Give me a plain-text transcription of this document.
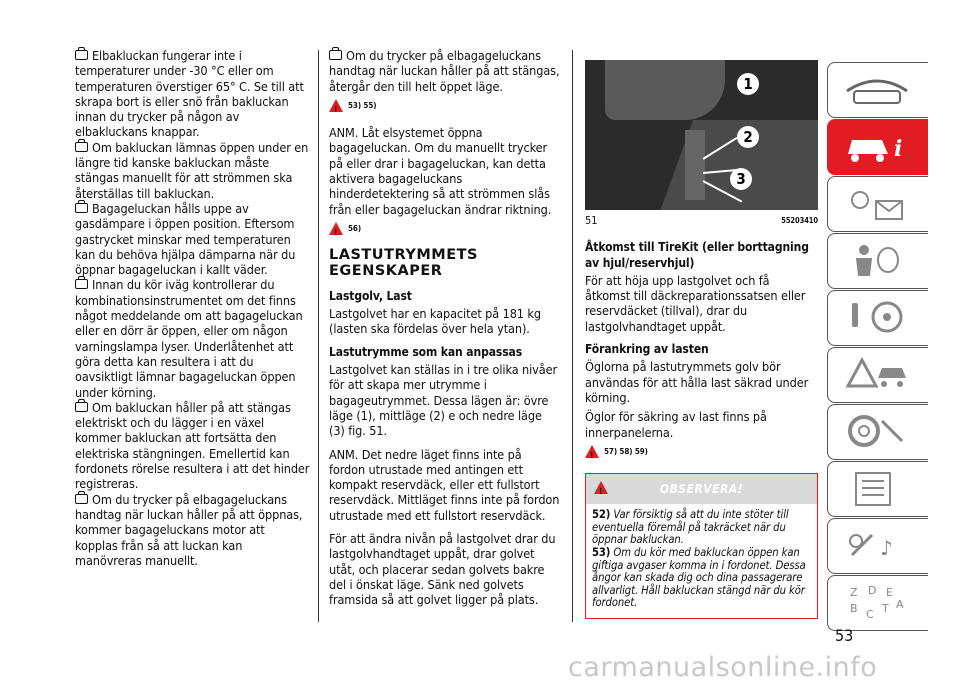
Elbakluckan fungerar inte i temperaturer under -30 °C eller om temperaturen överstiger 65° C. Se till att skrapa bort is eller snö från bakluckan innan du trycker på någon av elbakluckans knappar.

Om bakluckan lämnas öppen under en längre tid kanske bakluckan måste stängas manuellt för att strömmen ska återställas till bakluckan.

Bagageluckan hålls uppe av gasdämpare i öppen position. Eftersom gastrycket minskar med temperaturen kan du behöva hjälpa dämparna när du öppnar bagageluckan i kallt väder.

Innan du kör iväg kontrollerar du kombinationsinstrumentet om det finns något meddelande om att bagageluckan eller en dörr är öppen, eller om någon varningslampa lyser. Underlåtenhet att göra detta kan resultera i att du oavsiktligt lämnar bagageluckan öppen under körning.

Om bakluckan håller på att stängas elektriskt och du lägger i en växel kommer bakluckan att fortsätta den elektriska stängningen. Emellertid kan fordonets rörelse resultera i att det hinder registreras.

Om du trycker på elbagageluckans handtag när luckan håller på att öppnas, kommer bagageluckans motor att kopplas från så att luckan kan manövreras manuellt.

Om du trycker på elbagageluckans handtag när luckan håller på att stängas, återgår den till helt öppet läge.

! 53) 55)

ANM. Låt elsystemet öppna bagageluckan. Om du manuellt trycker på eller drar i bagageluckan, kan detta aktivera bagageluckans hinderdetektering så att strömmen slås från eller bagageluckan ändrar riktning.

! 56)
LASTUTRYMMETS EGENSKAPER
Lastgolv, Last

Lastgolvet har en kapacitet på 181 kg (lasten ska fördelas över hela ytan).

Lastutrymme som kan anpassas

Lastgolvet kan ställas in i tre olika nivåer för att skapa mer utrymme i bagageutrymmet. Dessa lägen är: övre läge (1), mittläge (2) e och nedre läge (3) fig. 51.

ANM. Det nedre läget finns inte på fordon utrustade med antingen ett kompakt reservdäck, eller ett fullstort reservdäck. Mittläget finns inte på fordon utrustade med ett fullstort reservdäck.

För att ändra nivån på lastgolvet drar du lastgolvhandtaget uppåt, drar golvet utåt, och placerar sedan golvets bakre del i önskat läge. Sänk ned golvets framsida så att golvet ligger på plats.

1
2
3
51	55203410
Åtkomst till TireKit (eller borttagning av hjul/reservhjul)

För att höja upp lastgolvet och få åtkomst till däckreparationssatsen eller reservdäcket (tillval), drar du lastgolvhandtaget uppåt.

Förankring av lasten

Öglorna på lastutrymmets golv bör användas för att hålla last säkrad under körning.

Öglor för säkring av last finns på innerpanelerna.

! 57) 58) 59)
!	OBSERVERA!

52) Var försiktig så att du inte stöter till eventuella föremål på takräcket när du öppnar bakluckan.

53) Om du kör med bakluckan öppen kan giftiga avgaser komma in i fordonet. Dessa ångor kan skada dig och dina passagerare allvarligt. Håll bakluckan stängd när du kör fordonet.

i
♪
Z D E
B C T A
53
carmanualsonline.info
